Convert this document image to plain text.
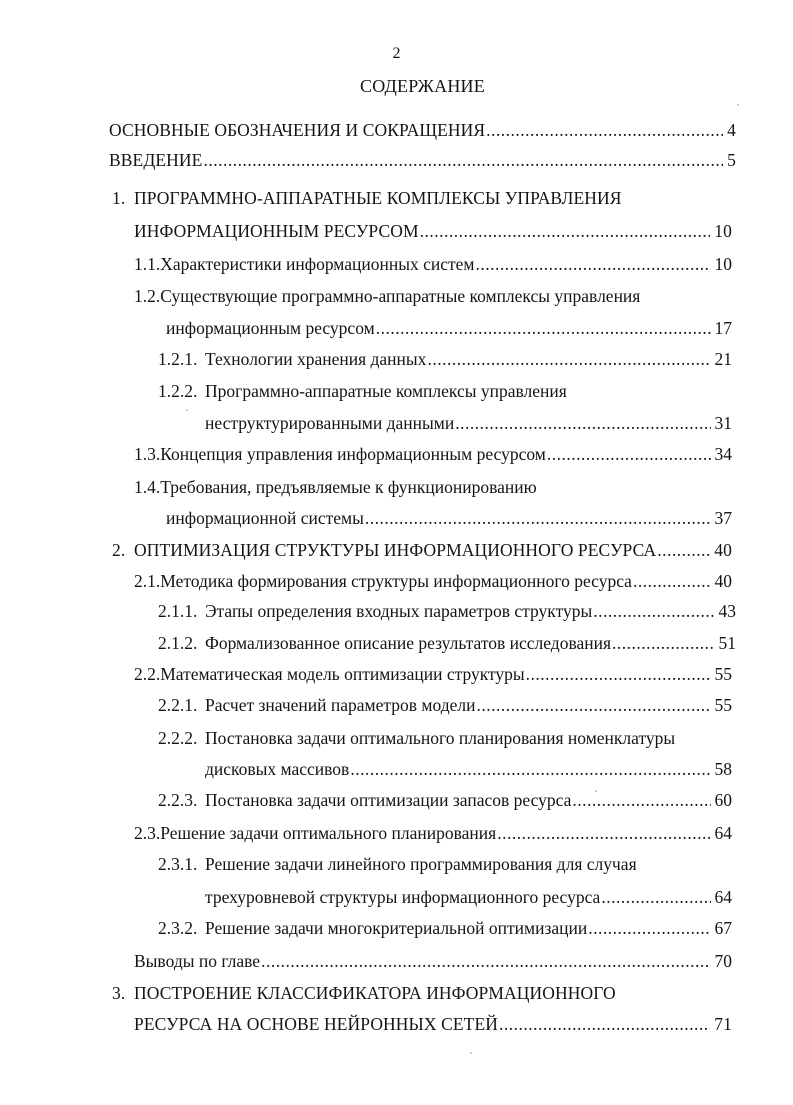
2
СОДЕРЖАНИЕ
ОСНОВНЫЕ ОБОЗНАЧЕНИЯ И СОКРАЩЕНИЯ .....	4
ВВЕДЕНИЕ .....	5
1. ПРОГРАММНО-АППАРАТНЫЕ КОМПЛЕКСЫ УПРАВЛЕНИЯ
ИНФОРМАЦИОННЫМ РЕСУРСОМ .....	10
1.1. Характеристики информационных систем .....	10
1.2. Существующие программно-аппаратные комплексы управления
информационным ресурсом .....	17
1.2.1. Технологии хранения данных .....	21
1.2.2. Программно-аппаратные комплексы управления
неструктурированными данными .....	31
1.3. Концепция управления информационным ресурсом .....	34
1.4. Требования, предъявляемые к функционированию
информационной системы .....	37
2. ОПТИМИЗАЦИЯ СТРУКТУРЫ ИНФОРМАЦИОННОГО РЕСУРСА .....	40
2.1. Методика формирования структуры информационного ресурса .....	40
2.1.1. Этапы определения входных параметров структуры .....	43
2.1.2. Формализованное описание результатов исследования .....	51
2.2. Математическая модель оптимизации структуры .....	55
2.2.1. Расчет значений параметров модели .....	55
2.2.2. Постановка задачи оптимального планирования номенклатуры
дисковых массивов .....	58
2.2.3. Постановка задачи оптимизации запасов ресурса .....	60
2.3. Решение задачи оптимального планирования .....	64
2.3.1. Решение задачи линейного программирования для случая
трехуровневой структуры информационного ресурса .....	64
2.3.2. Решение задачи многокритериальной оптимизации .....	67
Выводы по главе .....	70
3. ПОСТРОЕНИЕ КЛАССИФИКАТОРА ИНФОРМАЦИОННОГО
РЕСУРСА НА ОСНОВЕ НЕЙРОННЫХ СЕТЕЙ .....	71
